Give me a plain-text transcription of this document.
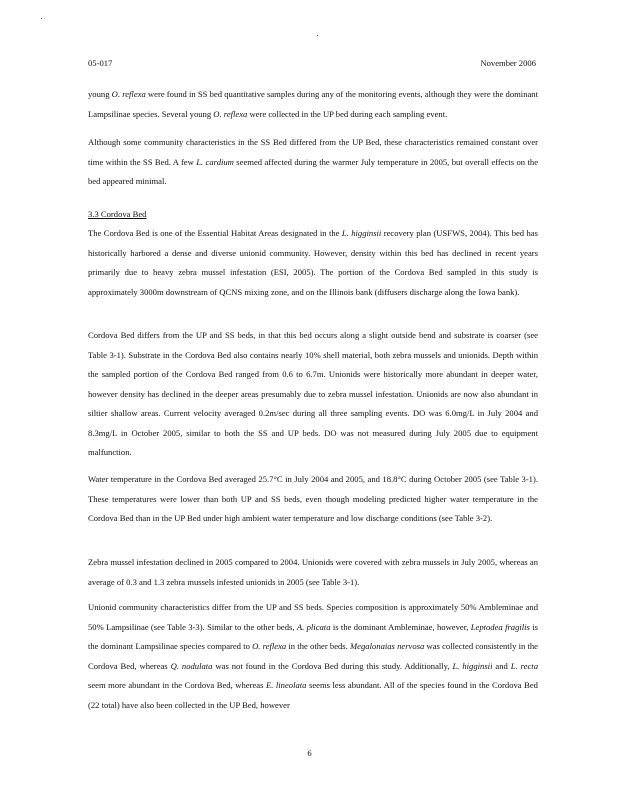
05-017	November 2006

young O. reflexa were found in SS bed quantitative samples during any of the monitoring events, although they were the dominant Lampsilinae species. Several young O. reflexa were collected in the UP bed during each sampling event.

Although some community characteristics in the SS Bed differed from the UP Bed, these characteristics remained constant over time within the SS Bed. A few L. cardium seemed affected during the warmer July temperature in 2005, but overall effects on the bed appeared minimal.

3.3 Cordova Bed

The Cordova Bed is one of the Essential Habitat Areas designated in the L. higginsii recovery plan (USFWS, 2004). This bed has historically harbored a dense and diverse unionid community. However, density within this bed has declined in recent years primarily due to heavy zebra mussel infestation (ESI, 2005). The portion of the Cordova Bed sampled in this study is approximately 3000m downstream of QCNS mixing zone, and on the Illinois bank (diffusers discharge along the Iowa bank).

Cordova Bed differs from the UP and SS beds, in that this bed occurs along a slight outside bend and substrate is coarser (see Table 3-1). Substrate in the Cordova Bed also contains nearly 10% shell material, both zebra mussels and unionids. Depth within the sampled portion of the Cordova Bed ranged from 0.6 to 6.7m. Unionids were historically more abundant in deeper water, however density has declined in the deeper areas presumably due to zebra mussel infestation. Unionids are now also abundant in siltier shallow areas. Current velocity averaged 0.2m/sec during all three sampling events. DO was 6.0mg/L in July 2004 and 8.3mg/L in October 2005, similar to both the SS and UP beds. DO was not measured during July 2005 due to equipment malfunction.

Water temperature in the Cordova Bed averaged 25.7°C in July 2004 and 2005, and 18.8°C during October 2005 (see Table 3-1). These temperatures were lower than both UP and SS beds, even though modeling predicted higher water temperature in the Cordova Bed than in the UP Bed under high ambient water temperature and low discharge conditions (see Table 3-2).

Zebra mussel infestation declined in 2005 compared to 2004. Unionids were covered with zebra mussels in July 2005, whereas an average of 0.3 and 1.3 zebra mussels infested unionids in 2005 (see Table 3-1).

Unionid community characteristics differ from the UP and SS beds. Species composition is approximately 50% Ambleminae and 50% Lampsilinae (see Table 3-3). Similar to the other beds, A. plicata is the dominant Ambleminae, however, Leptodea fragilis is the dominant Lampsilinae species compared to O. reflexa in the other beds. Megalonaias nervosa was collected consistently in the Cordova Bed, whereas Q. nodulata was not found in the Cordova Bed during this study. Additionally, L. higginsii and L. recta seem more abundant in the Cordova Bed, whereas E. lineolata seems less abundant. All of the species found in the Cordova Bed (22 total) have also been collected in the UP Bed, however

6
